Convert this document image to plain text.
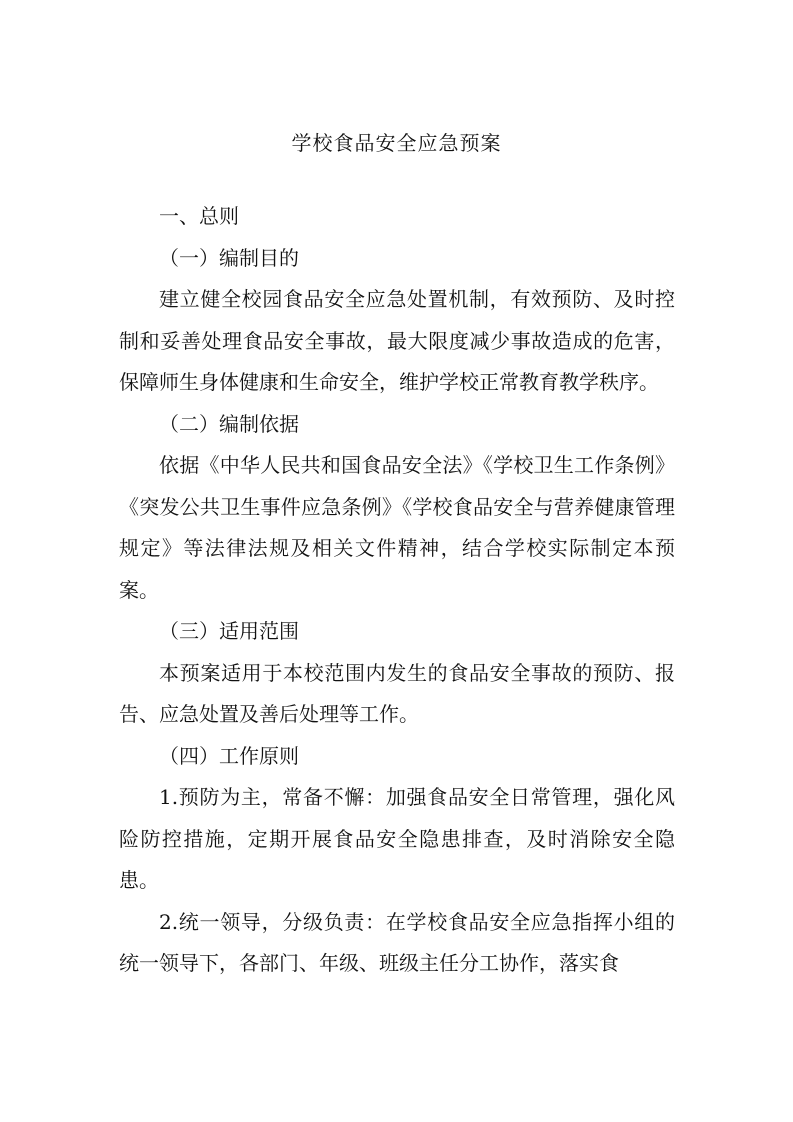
学校食品安全应急预案

一、总则

（一）编制目的

建立健全校园食品安全应急处置机制，有效预防、及时控制和妥善处理食品安全事故，最大限度减少事故造成的危害，保障师生身体健康和生命安全，维护学校正常教育教学秩序。

（二）编制依据

依据《中华人民共和国食品安全法》《学校卫生工作条例》《突发公共卫生事件应急条例》《学校食品安全与营养健康管理规定》等法律法规及相关文件精神，结合学校实际制定本预案。

（三）适用范围

本预案适用于本校范围内发生的食品安全事故的预防、报告、应急处置及善后处理等工作。

（四）工作原则

1.预防为主，常备不懈：加强食品安全日常管理，强化风险防控措施，定期开展食品安全隐患排查，及时消除安全隐患。

2.统一领导，分级负责：在学校食品安全应急指挥小组的统一领导下，各部门、年级、班级主任分工协作，落实食
